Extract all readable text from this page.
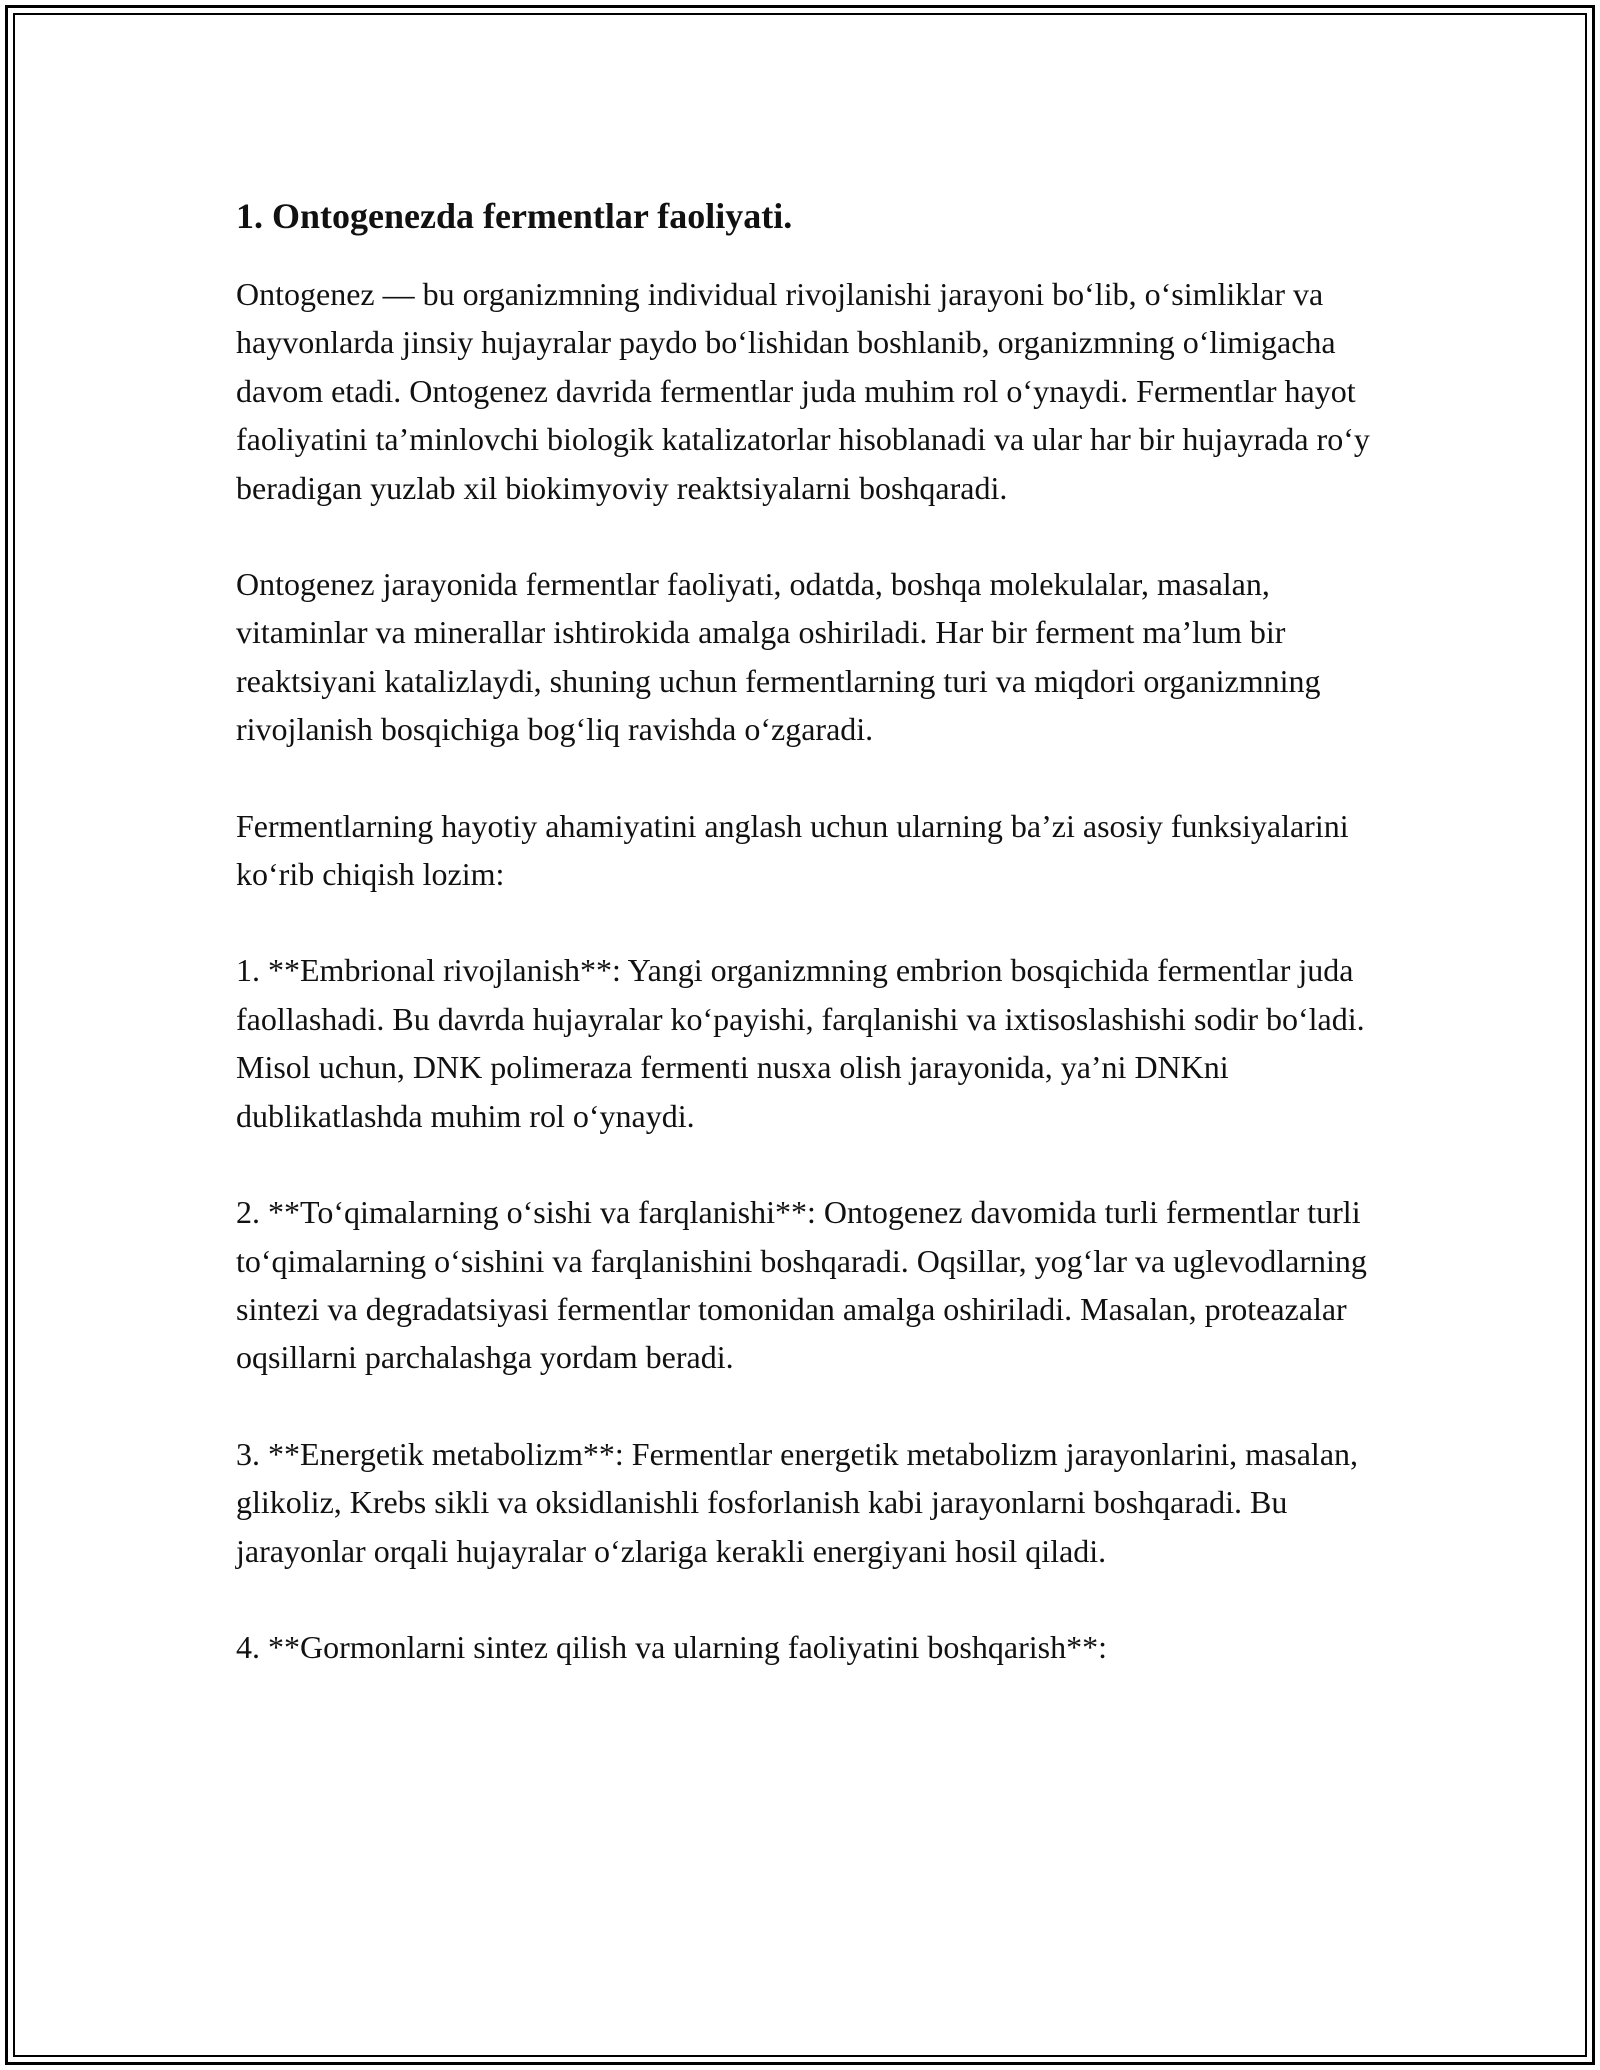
1. Ontogenezda fermentlar faoliyati.

Ontogenez — bu organizmning individual rivojlanishi jarayoni bo‘lib, o‘simliklar va hayvonlarda jinsiy hujayralar paydo bo‘lishidan boshlanib, organizmning o‘limigacha davom etadi. Ontogenez davrida fermentlar juda muhim rol o‘ynaydi. Fermentlar hayot faoliyatini ta’minlovchi biologik katalizatorlar hisoblanadi va ular har bir hujayrada ro‘y beradigan yuzlab xil biokimyoviy reaktsiyalarni boshqaradi.

Ontogenez jarayonida fermentlar faoliyati, odatda, boshqa molekulalar, masalan, vitaminlar va minerallar ishtirokida amalga oshiriladi. Har bir ferment ma’lum bir reaktsiyani katalizlaydi, shuning uchun fermentlarning turi va miqdori organizmning rivojlanish bosqichiga bog‘liq ravishda o‘zgaradi.

Fermentlarning hayotiy ahamiyatini anglash uchun ularning ba’zi asosiy funksiyalarini ko‘rib chiqish lozim:

1. **Embrional rivojlanish**: Yangi organizmning embrion bosqichida fermentlar juda faollashadi. Bu davrda hujayralar ko‘payishi, farqlanishi va ixtisoslashishi sodir bo‘ladi. Misol uchun, DNK polimeraza fermenti nusxa olish jarayonida, ya’ni DNKni dublikatlashda muhim rol o‘ynaydi.

2. **To‘qimalarning o‘sishi va farqlanishi**: Ontogenez davomida turli fermentlar turli to‘qimalarning o‘sishini va farqlanishini boshqaradi. Oqsillar, yog‘lar va uglevodlarning sintezi va degradatsiyasi fermentlar tomonidan amalga oshiriladi. Masalan, proteazalar oqsillarni parchalashga yordam beradi.

3. **Energetik metabolizm**: Fermentlar energetik metabolizm jarayonlarini, masalan, glikoliz, Krebs sikli va oksidlanishli fosforlanish kabi jarayonlarni boshqaradi. Bu jarayonlar orqali hujayralar o‘zlariga kerakli energiyani hosil qiladi.

4. **Gormonlarni sintez qilish va ularning faoliyatini boshqarish**:
